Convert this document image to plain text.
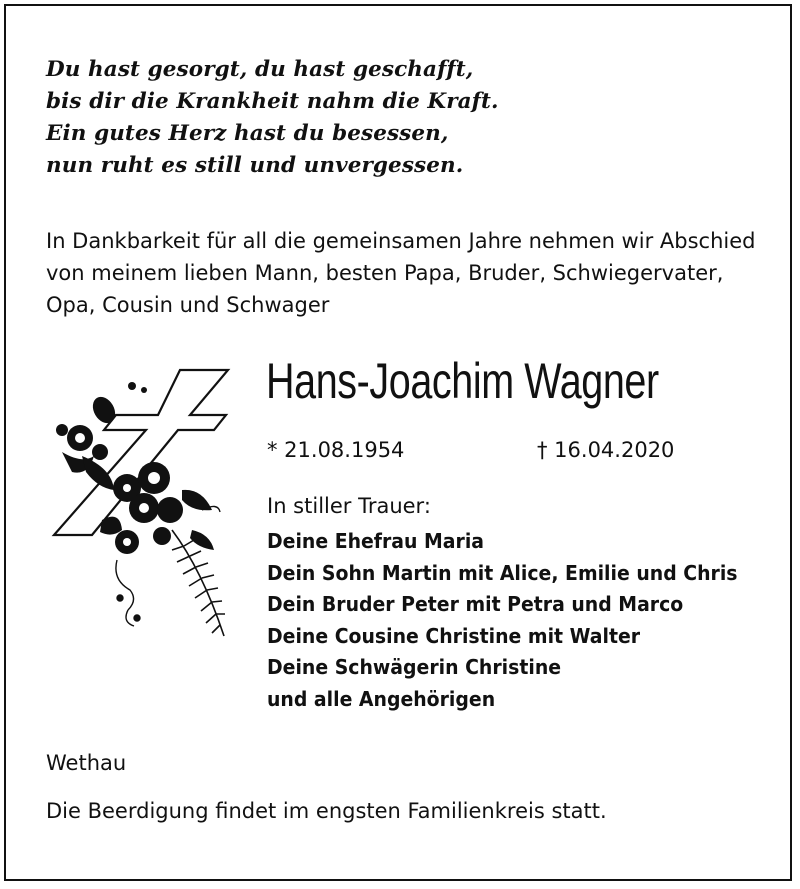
Du hast gesorgt, du hast geschafft,
bis dir die Krankheit nahm die Kraft.
Ein gutes Herz hast du besessen,
nun ruht es still und unvergessen.
In Dankbarkeit für all die gemeinsamen Jahre nehmen wir Abschied von meinem lieben Mann, besten Papa, Bruder, Schwiegervater, Opa, Cousin und Schwager
Hans-Joachim Wagner
* 21.08.1954	† 16.04.2020
In stiller Trauer:
Deine Ehefrau Maria
Dein Sohn Martin mit Alice, Emilie und Chris
Dein Bruder Peter mit Petra und Marco
Deine Cousine Christine mit Walter
Deine Schwägerin Christine
und alle Angehörigen
Wethau
Die Beerdigung findet im engsten Familienkreis statt.
